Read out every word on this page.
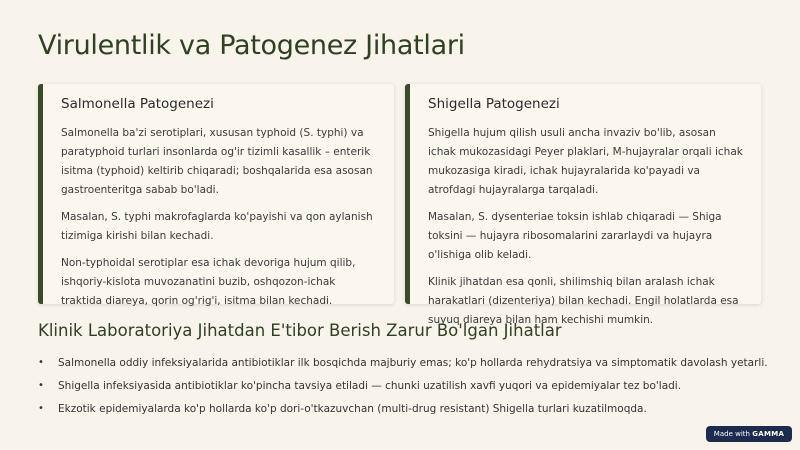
Virulentlik va Patogenez Jihatlari
Salmonella Patogenezi

Salmonella ba'zi serotiplari, xususan typhoid (S. typhi) va paratyphoid turlari insonlarda og'ir tizimli kasallik – enterik isitma (typhoid) keltirib chiqaradi; boshqalarida esa asosan gastroenteritga sabab bo'ladi.

Masalan, S. typhi makrofaglarda ko'payishi va qon aylanish tizimiga kirishi bilan kechadi.

Non-typhoidal serotiplar esa ichak devoriga hujum qilib, ishqoriy-kislota muvozanatini buzib, oshqozon-ichak traktida diareya, qorin og'rig'i, isitma bilan kechadi.

Shigella Patogenezi

Shigella hujum qilish usuli ancha invaziv bo'lib, asosan ichak mukozasidagi Peyer plaklari, M-hujayralar orqali ichak mukozasiga kiradi, ichak hujayralarida ko'payadi va atrofdagi hujayralarga tarqaladi.

Masalan, S. dysenteriae toksin ishlab chiqaradi — Shiga toksini — hujayra ribosomalarini zararlaydi va hujayra o'lishiga olib keladi.

Klinik jihatdan esa qonli, shilimshiq bilan aralash ichak harakatlari (dizenteriya) bilan kechadi. Engil holatlarda esa suyuq diareya bilan ham kechishi mumkin.

Klinik Laboratoriya Jihatdan E'tibor Berish Zarur Bo'lgan Jihatlar
• Salmonella oddiy infeksiyalarida antibiotiklar ilk bosqichda majburiy emas; ko'p hollarda rehydratsiya va simptomatik davolash yetarli.
• Shigella infeksiyasida antibiotiklar ko'pincha tavsiya etiladi — chunki uzatilish xavfi yuqori va epidemiyalar tez bo'ladi.
• Ekzotik epidemiyalarda ko'p hollarda ko'p dori-o'tkazuvchan (multi-drug resistant) Shigella turlari kuzatilmoqda.
Made with GAMMA
